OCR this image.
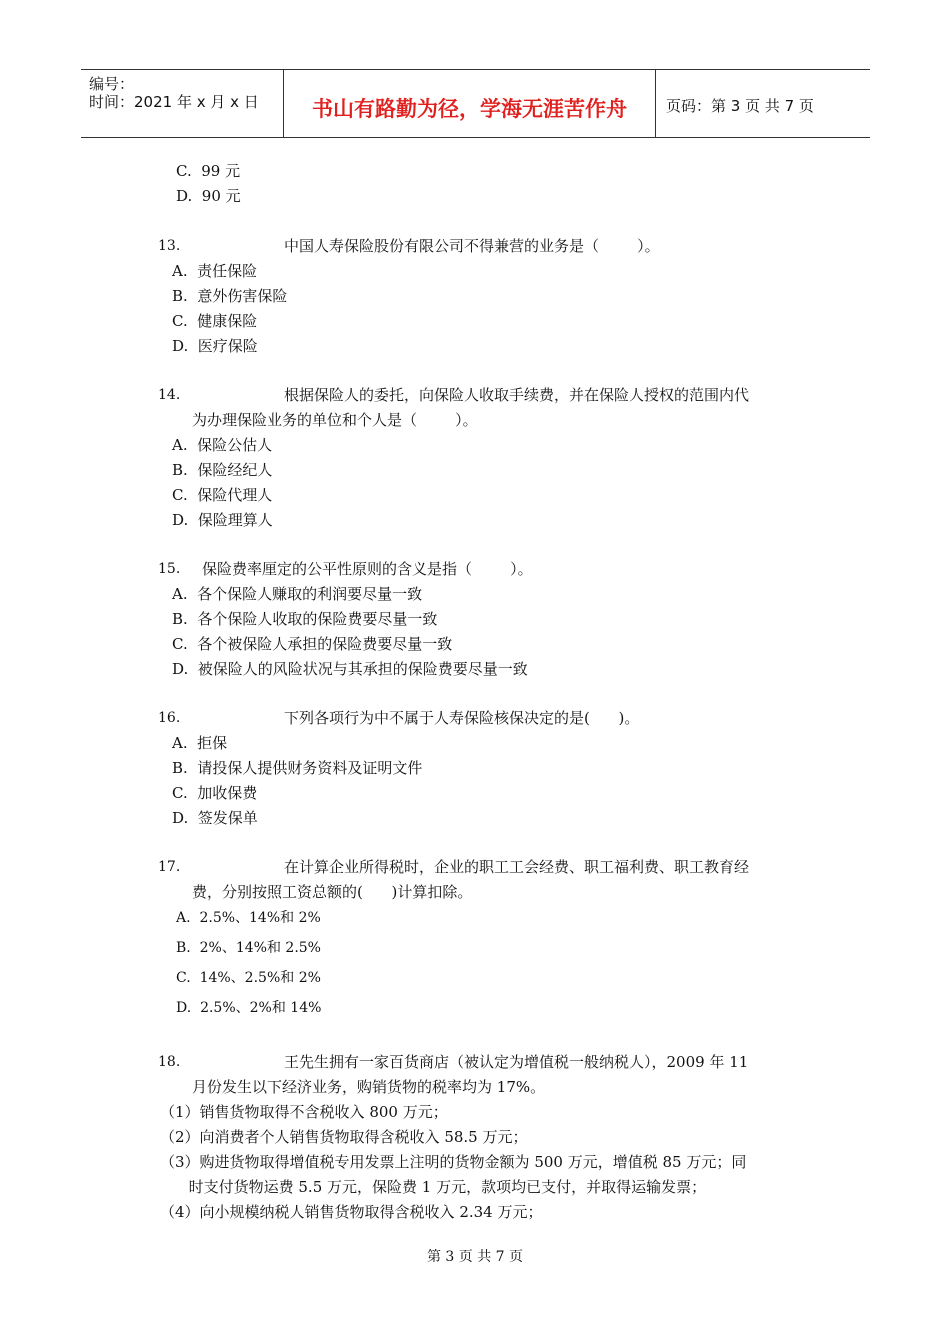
编号：
时间：2021 年 x 月 x 日	书山有路勤为径，学海无涯苦作舟	页码：第 3 页 共 7 页
C.  99 元
D.  90 元
13.	中国人寿保险股份有限公司不得兼营的业务是（        ）。
A.  责任保险
B.  意外伤害保险
C.  健康保险
D.  医疗保险
14.	根据保险人的委托，向保险人收取手续费，并在保险人授权的范围内代
为办理保险业务的单位和个人是（        ）。
A.  保险公估人
B.  保险经纪人
C.  保险代理人
D.  保险理算人
15. 保险费率厘定的公平性原则的含义是指（        ）。
A.  各个保险人赚取的利润要尽量一致
B.  各个保险人收取的保险费要尽量一致
C.  各个被保险人承担的保险费要尽量一致
D.  被保险人的风险状况与其承担的保险费要尽量一致
16.	下列各项行为中不属于人寿保险核保决定的是(      )。
A.  拒保
B.  请投保人提供财务资料及证明文件
C.  加收保费
D.  签发保单
17.	在计算企业所得税时，企业的职工工会经费、职工福利费、职工教育经
费，分别按照工资总额的(      )计算扣除。
A.  2.5%、14%和 2%
B.  2%、14%和 2.5%
C.  14%、2.5%和 2%
D.  2.5%、2%和 14%
18.	王先生拥有一家百货商店（被认定为增值税一般纳税人），2009 年 11
月份发生以下经济业务，购销货物的税率均为 17%。
（1）销售货物取得不含税收入 800 万元；
（2）向消费者个人销售货物取得含税收入 58.5 万元；
（3）购进货物取得增值税专用发票上注明的货物金额为 500 万元，增值税 85 万元；同
时支付货物运费 5.5 万元，保险费 1 万元，款项均已支付，并取得运输发票；
（4）向小规模纳税人销售货物取得含税收入 2.34 万元；
第 3 页 共 7 页
